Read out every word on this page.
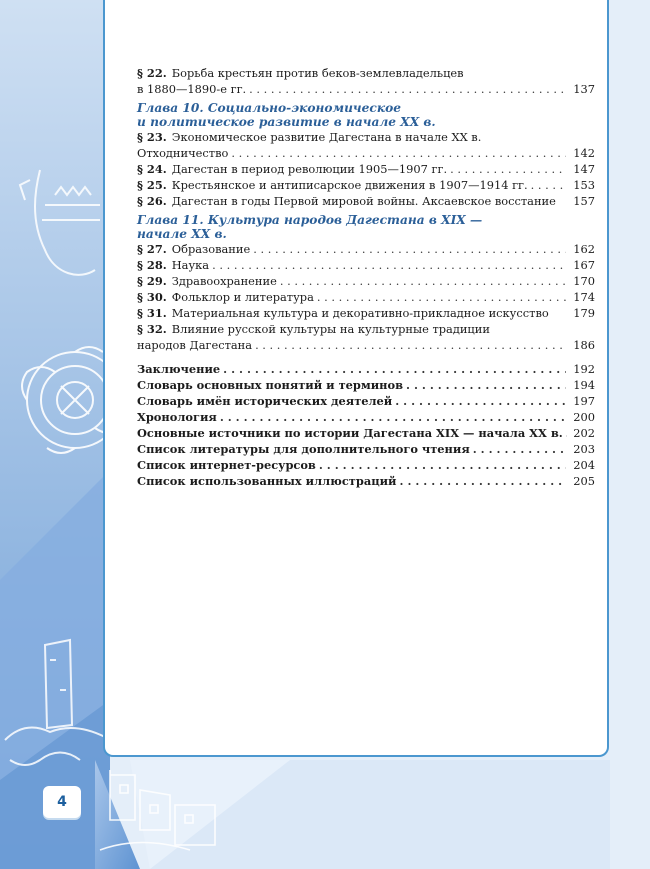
§ 22. Борьба крестьян против беков-землевладельцев
в 1880—1890-е гг. . . .	137
Глава 10. Социально-экономическое
и политическое развитие в начале XX в.
§ 23. Экономическое развитие Дагестана в начале XX в.
Отходничество . . .	142
§ 24. Дагестан в период революции 1905—1907 гг. . . .	147
§ 25. Крестьянское и антиписарское движения в 1907—1914 гг. . . .	153
§ 26. Дагестан в годы Первой мировой войны. Аксаевское восстание	157
Глава 11. Культура народов Дагестана в XIX —
начале XX в.
§ 27. Образование . . .	162
§ 28. Наука . . .	167
§ 29. Здравоохранение . . .	170
§ 30. Фольклор и литература . . .	174
§ 31. Материальная культура и декоративно-прикладное искусство	179
§ 32. Влияние русской культуры на культурные традиции
народов Дагестана . . .	186
Заключение . . .	192
Словарь основных понятий и терминов . . .	194
Словарь имён исторических деятелей . . .	197
Хронология . . .	200
Основные источники по истории Дагестана XIX — начала XX в. . . . 202
Список литературы для дополнительного чтения . . .	203
Список интернет-ресурсов . . .	204
Список использованных иллюстраций . . .	205
4
